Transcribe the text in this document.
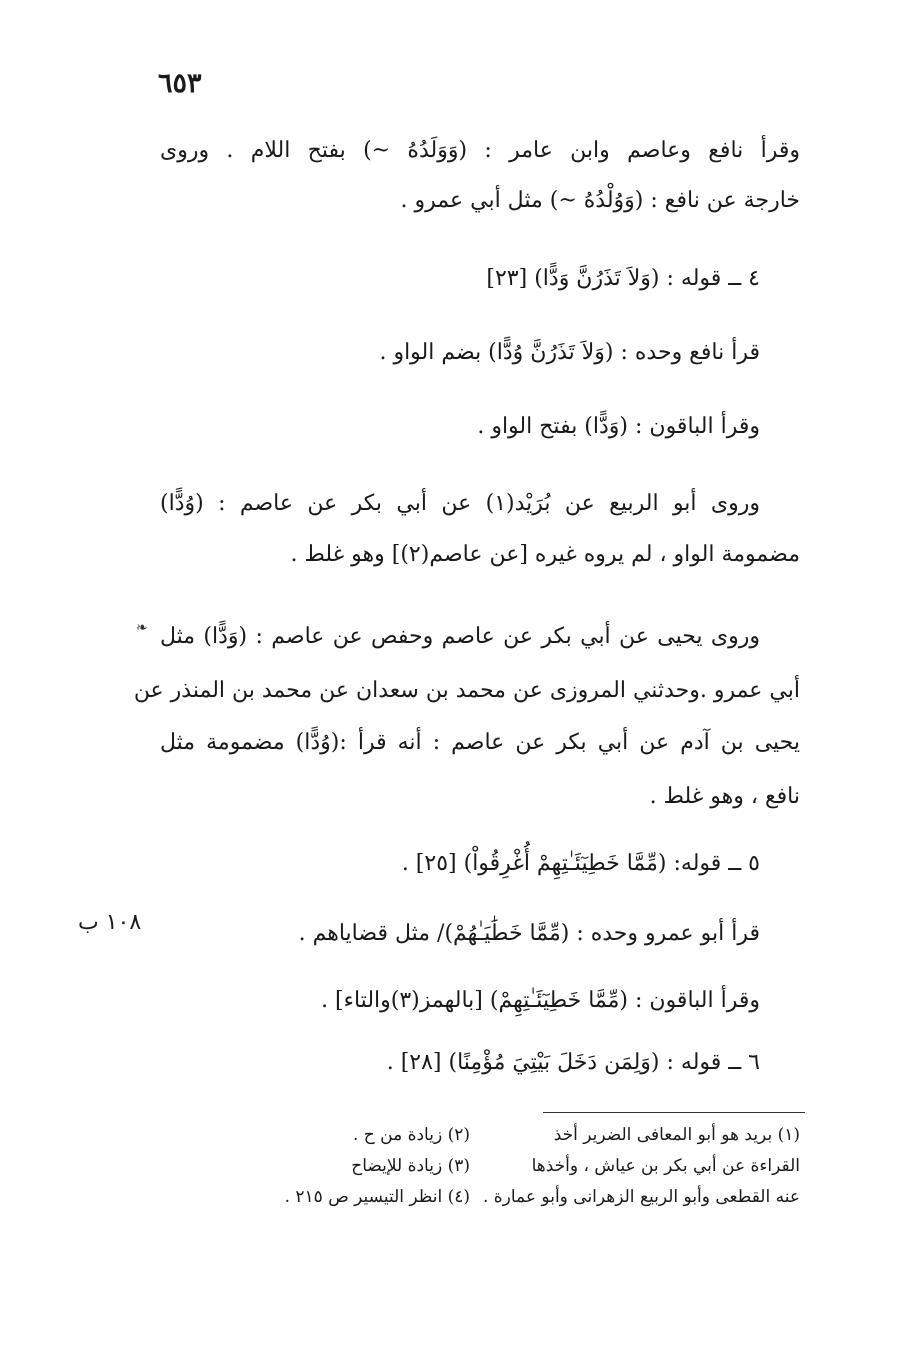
٦٥٣
وقرأ نافع وعاصم وابن عامر : (وَوَلَدُهُ ~) بفتح اللام . وروى
خارجة عن نافع : (وَوُلْدُهُ ~) مثل أبي عمرو .
٤ ــ قوله : (وَلاَ تَذَرُنَّ وَدًّا) [٢٣]
قرأ نافع وحده : (وَلاَ تَذَرُنَّ وُدًّا) بضم الواو .
وقرأ الباقون : (وَدًّا) بفتح الواو .
وروى أبو الربيع عن بُرَيْد(١) عن أبي بكر عن عاصم : (وُدًّا)
مضمومة الواو ، لم يروه غيره [عن عاصم(٢)] وهو غلط .
وروى يحيى عن أبي بكر عن عاصم وحفص عن عاصم : (وَدًّا) مثل
أبي عمرو .وحدثني المروزى عن محمد بن سعدان عن محمد بن المنذر عن
يحيى بن آدم عن أبي بكر عن عاصم : أنه قرأ :(وُدًّا) مضمومة مثل
نافع ، وهو غلط .
٥ ــ قوله: (مِّمَّا خَطِيٓئَـٰتِهِمْ أُغْرِقُواْ) [٢٥] .
قرأ أبو عمرو وحده : (مِّمَّا خَطَٰيَـٰهُمْ)/ مثل قضاياهم .
وقرأ الباقون : (مِّمَّا خَطِيٓئَـٰتِهِمْ) [بالهمز(٣)والتاء] .
٦ ــ قوله : (وَلِمَن دَخَلَ بَيْتِيَ مُؤْمِنًا) [٢٨] .
١٠٨ ب
(١) بريد هو أبو المعافى الضرير أخذ
القراءة عن أبي بكر بن عياش ، وأخذها
عنه القطعى وأبو الربيع الزهرانى وأبو عمارة .
(٢) زيادة من ح .
(٣) زيادة للإيضاح
(٤) انظر التيسير ص ٢١٥ .
❧
